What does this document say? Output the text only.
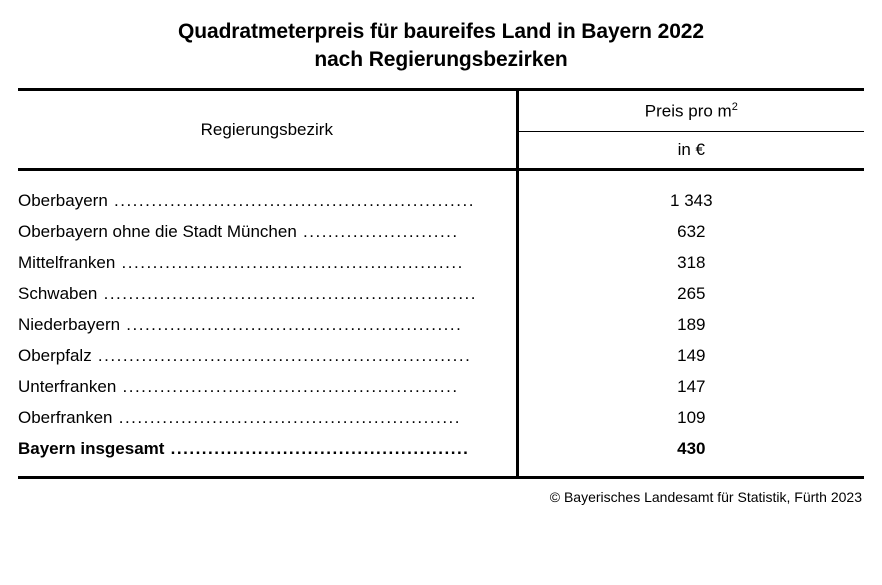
Quadratmeterpreis für baureifes Land in Bayern 2022
nach Regierungsbezirken
Regierungsbezirk	Preis pro $m^2$
	in €

Oberbayern ..........................................................	1 343
Oberbayern ohne die Stadt München .........................	632
Mittelfranken .......................................................	318
Schwaben ............................................................	265
Niederbayern ......................................................	189
Oberpfalz ............................................................	149
Unterfranken ......................................................	147
Oberfranken .......................................................	109
Bayern insgesamt ................................................	430

© Bayerisches Landesamt für Statistik, Fürth 2023
